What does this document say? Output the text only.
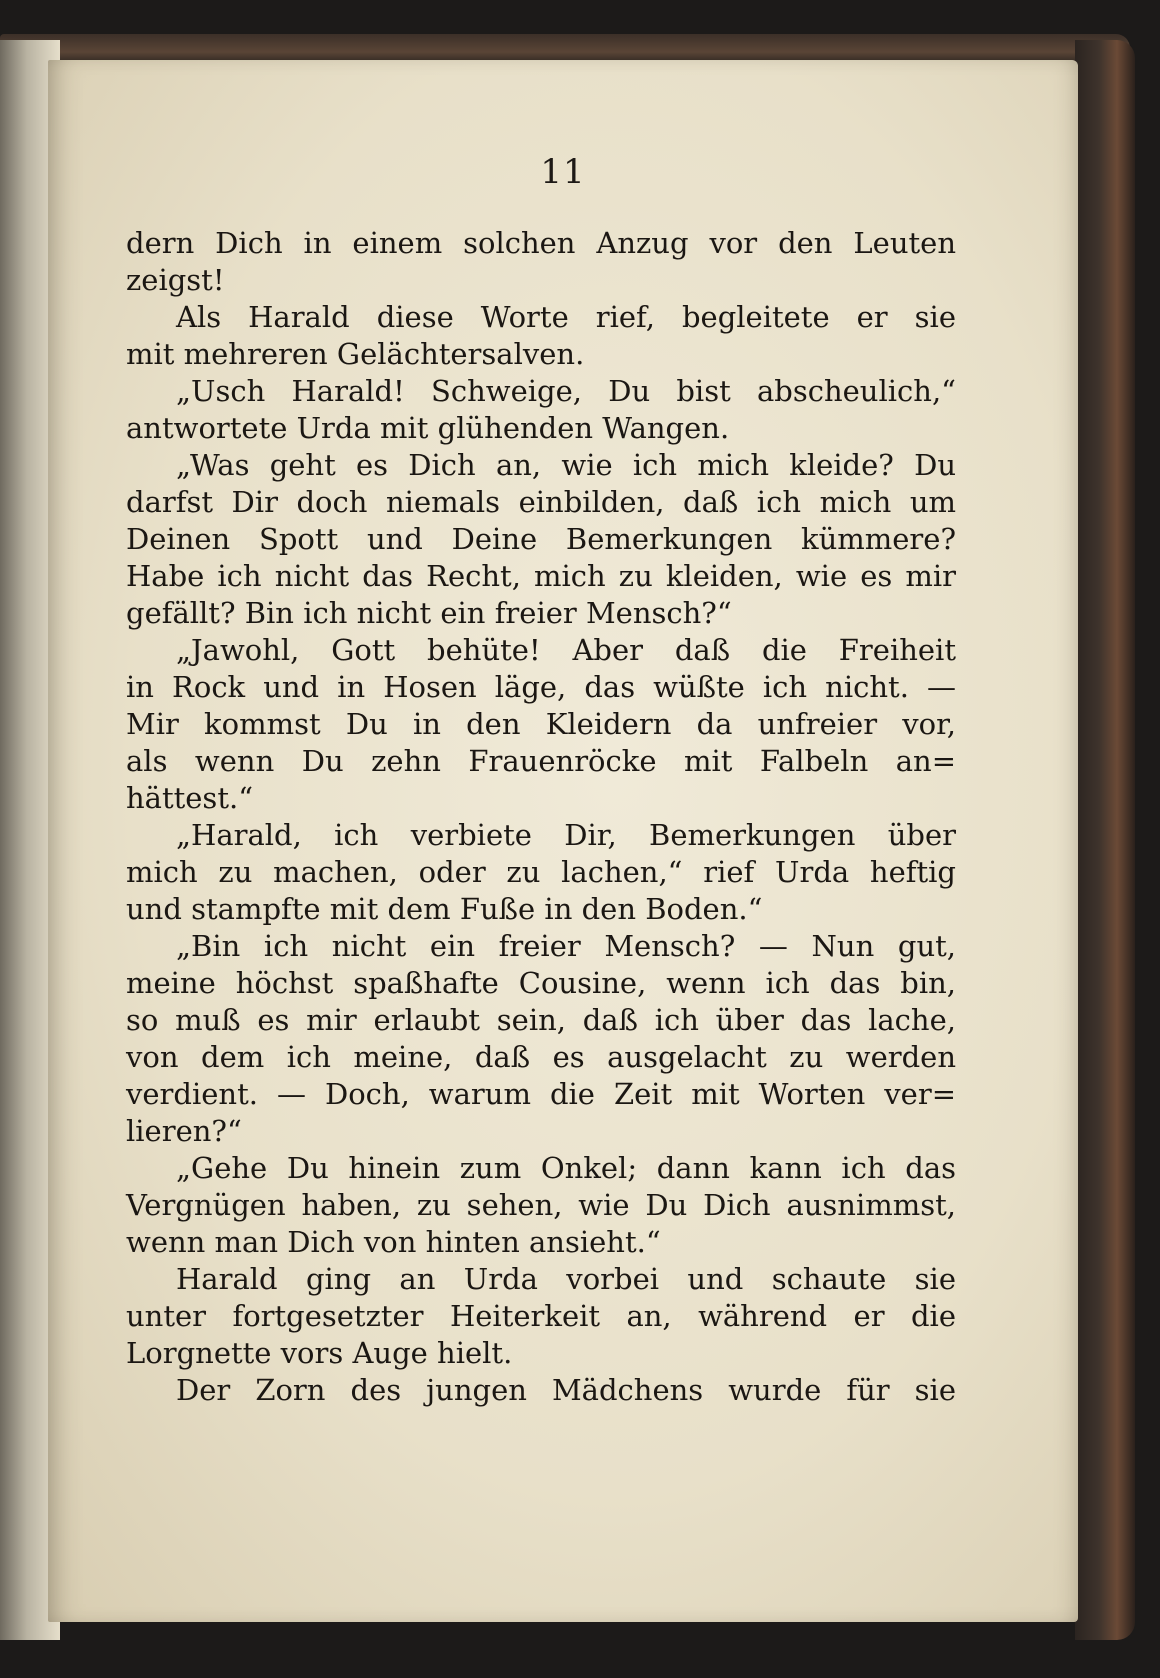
11
dern Dich in einem solchen Anzug vor den Leuten
zeigst!
Als Harald diese Worte rief, begleitete er sie
mit mehreren Gelächtersalven.
„Usch Harald! Schweige, Du bist abscheulich,“
antwortete Urda mit glühenden Wangen.
„Was geht es Dich an, wie ich mich kleide? Du
darfst Dir doch niemals einbilden, daß ich mich um
Deinen Spott und Deine Bemerkungen kümmere?
Habe ich nicht das Recht, mich zu kleiden, wie es mir
gefällt? Bin ich nicht ein freier Mensch?“
„Jawohl, Gott behüte! Aber daß die Freiheit
in Rock und in Hosen läge, das wüßte ich nicht. —
Mir kommst Du in den Kleidern da unfreier vor,
als wenn Du zehn Frauenröcke mit Falbeln an=
hättest.“
„Harald, ich verbiete Dir, Bemerkungen über
mich zu machen, oder zu lachen,“ rief Urda heftig
und stampfte mit dem Fuße in den Boden.“
„Bin ich nicht ein freier Mensch? — Nun gut,
meine höchst spaßhafte Cousine, wenn ich das bin,
so muß es mir erlaubt sein, daß ich über das lache,
von dem ich meine, daß es ausgelacht zu werden
verdient. — Doch, warum die Zeit mit Worten ver=
lieren?“
„Gehe Du hinein zum Onkel; dann kann ich das
Vergnügen haben, zu sehen, wie Du Dich ausnimmst,
wenn man Dich von hinten ansieht.“
Harald ging an Urda vorbei und schaute sie
unter fortgesetzter Heiterkeit an, während er die
Lorgnette vors Auge hielt.
Der Zorn des jungen Mädchens wurde für sie
